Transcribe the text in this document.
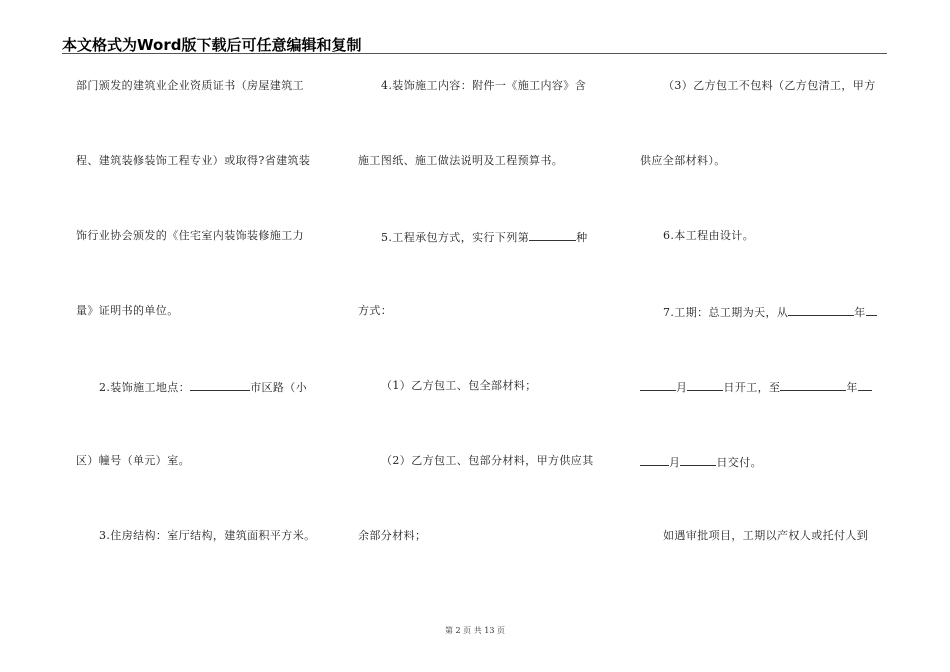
本文格式为Word版下载后可任意编辑和复制
部门颁发的建筑业企业资质证书（房屋建筑工
程、建筑装修装饰工程专业）或取得?省建筑装
饰行业协会颁发的《住宅室内装饰装修施工力
量》证明书的单位。
2.装饰施工地点：	市区路（小
区）幢号（单元）室。
3.住房结构：室厅结构，建筑面积平方米。
4.装饰施工内容：附件一《施工内容》含
施工图纸、施工做法说明及工程预算书。
5.工程承包方式，实行下列第	种
方式：
（1）乙方包工、包全部材料；
（2）乙方包工、包部分材料，甲方供应其
余部分材料；
（3）乙方包工不包料（乙方包清工，甲方
供应全部材料）。
6.本工程由设计。
7.工期：总工期为天，从	年
月	日开工，至	年
月	日交付。
如遇审批项目，工期以产权人或托付人到
第 2 页 共 13 页
